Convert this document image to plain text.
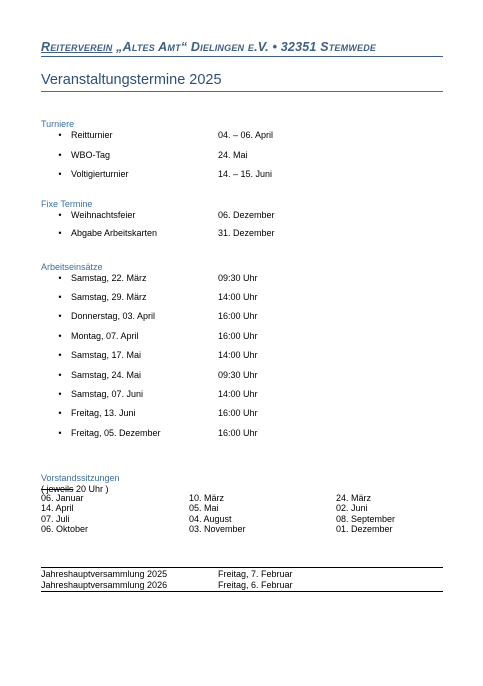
Reiterverein „Altes Amt“ Dielingen e.V. • 32351 Stemwede
Veranstaltungstermine 2025
Turniere
• Reitturnier	04. – 06. April
• WBO-Tag	24. Mai
• Voltigierturnier	14. – 15. Juni
Fixe Termine
• Weihnachtsfeier	06. Dezember
• Abgabe Arbeitskarten	31. Dezember
Arbeitseinsätze
• Samstag, 22. März	09:30 Uhr
• Samstag, 29. März	14:00 Uhr
• Donnerstag, 03. April	16:00 Uhr
• Montag, 07. April	16:00 Uhr
• Samstag, 17. Mai	14:00 Uhr
• Samstag, 24. Mai	09:30 Uhr
• Samstag, 07. Juni	14:00 Uhr
• Freitag, 13. Juni	16:00 Uhr
• Freitag, 05. Dezember	16:00 Uhr
Vorstandssitzungen
( jeweils 20 Uhr )
06. Januar	10. März	24. März
14. April	05. Mai	02. Juni
07. Juli	04. August	08. September
06. Oktober	03. November	01. Dezember
Jahreshauptversammlung 2025	Freitag, 7. Februar
Jahreshauptversammlung 2026	Freitag, 6. Februar
